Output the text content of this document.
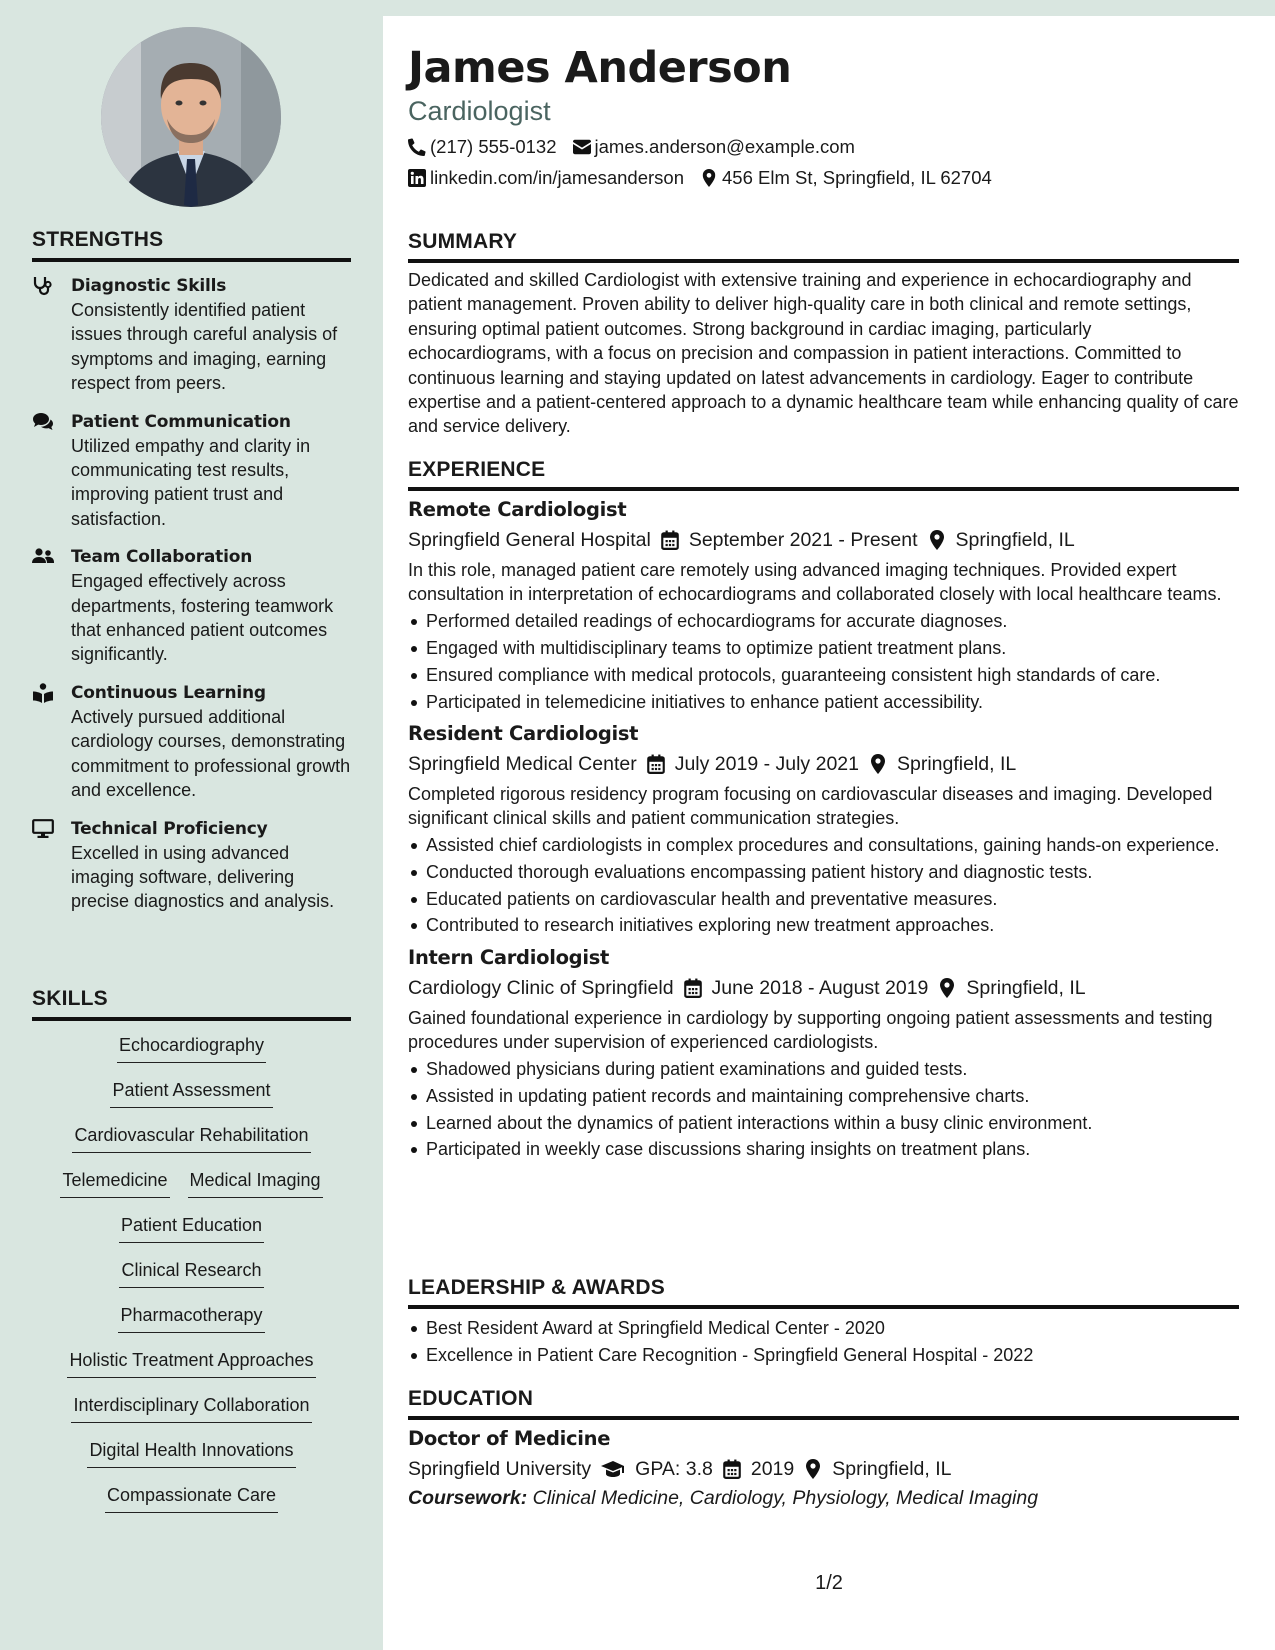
STRENGTHS
Diagnostic Skills
Consistently identified patient issues through careful analysis of symptoms and imaging, earning respect from peers.
Patient Communication
Utilized empathy and clarity in communicating test results, improving patient trust and satisfaction.
Team Collaboration
Engaged effectively across departments, fostering teamwork that enhanced patient outcomes significantly.
Continuous Learning
Actively pursued additional cardiology courses, demonstrating commitment to professional growth and excellence.
Technical Proficiency
Excelled in using advanced imaging software, delivering precise diagnostics and analysis.
SKILLS
Echocardiography
Patient Assessment
Cardiovascular Rehabilitation
Telemedicine Medical Imaging
Patient Education
Clinical Research
Pharmacotherapy
Holistic Treatment Approaches
Interdisciplinary Collaboration
Digital Health Innovations
Compassionate Care
James Anderson
Cardiologist
(217) 555-0132 james.anderson@example.com
linkedin.com/in/jamesanderson 456 Elm St, Springfield, IL 62704
SUMMARY
Dedicated and skilled Cardiologist with extensive training and experience in echocardiography and patient management. Proven ability to deliver high-quality care in both clinical and remote settings, ensuring optimal patient outcomes. Strong background in cardiac imaging, particularly echocardiograms, with a focus on precision and compassion in patient interactions. Committed to continuous learning and staying updated on latest advancements in cardiology. Eager to contribute expertise and a patient-centered approach to a dynamic healthcare team while enhancing quality of care and service delivery.
EXPERIENCE
Remote Cardiologist
Springfield General Hospital September 2021 - Present Springfield, IL
In this role, managed patient care remotely using advanced imaging techniques. Provided expert consultation in interpretation of echocardiograms and collaborated closely with local healthcare teams.
Performed detailed readings of echocardiograms for accurate diagnoses.
Engaged with multidisciplinary teams to optimize patient treatment plans.
Ensured compliance with medical protocols, guaranteeing consistent high standards of care.
Participated in telemedicine initiatives to enhance patient accessibility.
Resident Cardiologist
Springfield Medical Center July 2019 - July 2021 Springfield, IL
Completed rigorous residency program focusing on cardiovascular diseases and imaging. Developed significant clinical skills and patient communication strategies.
Assisted chief cardiologists in complex procedures and consultations, gaining hands-on experience.
Conducted thorough evaluations encompassing patient history and diagnostic tests.
Educated patients on cardiovascular health and preventative measures.
Contributed to research initiatives exploring new treatment approaches.
Intern Cardiologist
Cardiology Clinic of Springfield June 2018 - August 2019 Springfield, IL
Gained foundational experience in cardiology by supporting ongoing patient assessments and testing procedures under supervision of experienced cardiologists.
Shadowed physicians during patient examinations and guided tests.
Assisted in updating patient records and maintaining comprehensive charts.
Learned about the dynamics of patient interactions within a busy clinic environment.
Participated in weekly case discussions sharing insights on treatment plans.
LEADERSHIP & AWARDS
Best Resident Award at Springfield Medical Center - 2020
Excellence in Patient Care Recognition - Springfield General Hospital - 2022
EDUCATION
Doctor of Medicine
Springfield University GPA: 3.8 2019 Springfield, IL
Coursework: Clinical Medicine, Cardiology, Physiology, Medical Imaging
1/2
